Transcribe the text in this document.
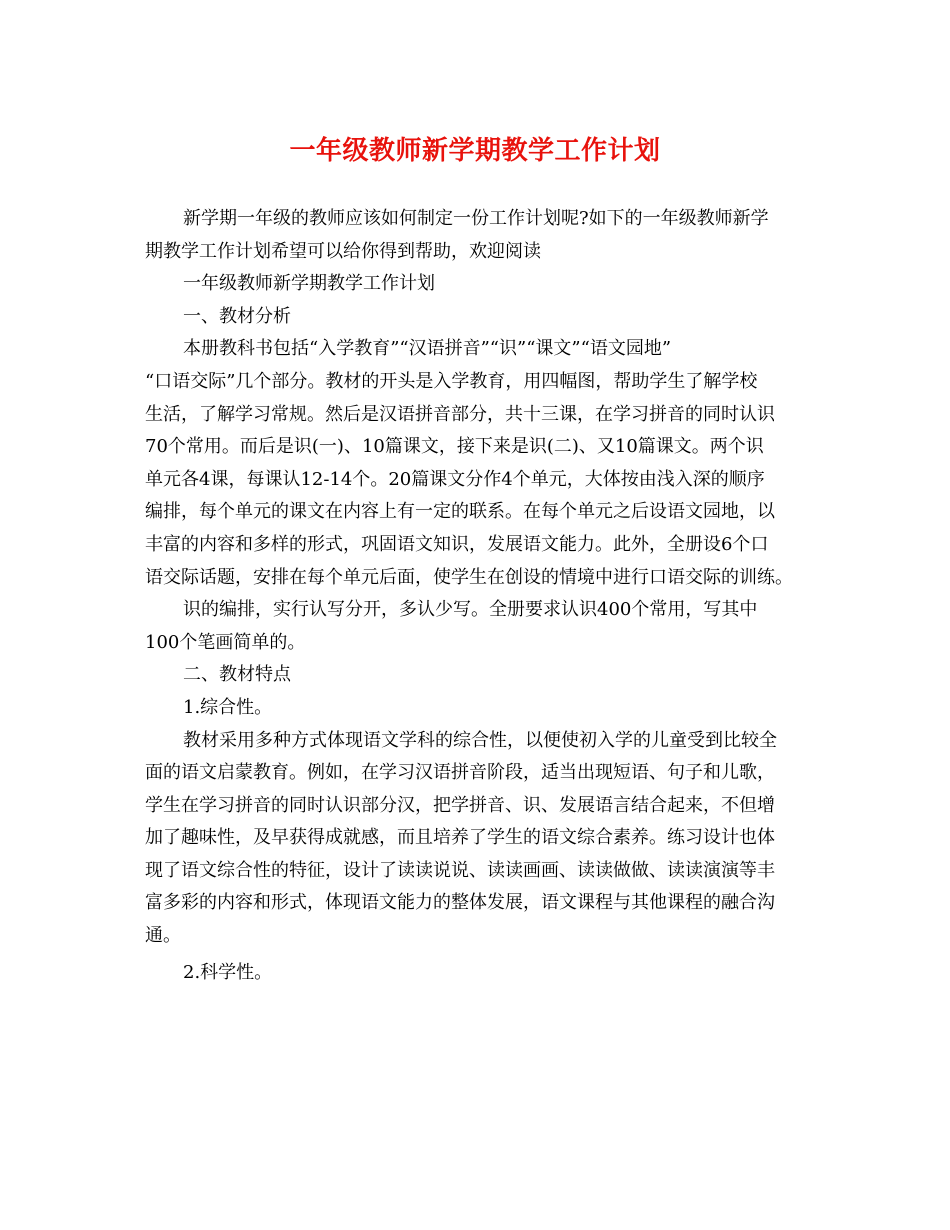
一年级教师新学期教学工作计划
新学期一年级的教师应该如何制定一份工作计划呢?如下的一年级教师新学
期教学工作计划希望可以给你得到帮助，欢迎阅读
一年级教师新学期教学工作计划
一、教材分析
本册教科书包括“入学教育”“汉语拼音”“识”“课文”“语文园地”
“口语交际”几个部分。教材的开头是入学教育，用四幅图，帮助学生了解学校
生活，了解学习常规。然后是汉语拼音部分，共十三课，在学习拼音的同时认识
70个常用。而后是识(一)、10篇课文，接下来是识(二)、又10篇课文。两个识
单元各4课，每课认12-14个。20篇课文分作4个单元，大体按由浅入深的顺序
编排，每个单元的课文在内容上有一定的联系。在每个单元之后设语文园地，以
丰富的内容和多样的形式，巩固语文知识，发展语文能力。此外，全册设6个口
语交际话题，安排在每个单元后面，使学生在创设的情境中进行口语交际的训练。
识的编排，实行认写分开，多认少写。全册要求认识400个常用，写其中
100个笔画简单的。
二、教材特点
1.综合性。
教材采用多种方式体现语文学科的综合性，以便使初入学的儿童受到比较全
面的语文启蒙教育。例如，在学习汉语拼音阶段，适当出现短语、句子和儿歌，
学生在学习拼音的同时认识部分汉，把学拼音、识、发展语言结合起来，不但增
加了趣味性，及早获得成就感，而且培养了学生的语文综合素养。练习设计也体
现了语文综合性的特征，设计了读读说说、读读画画、读读做做、读读演演等丰
富多彩的内容和形式，体现语文能力的整体发展，语文课程与其他课程的融合沟
通。
2.科学性。
